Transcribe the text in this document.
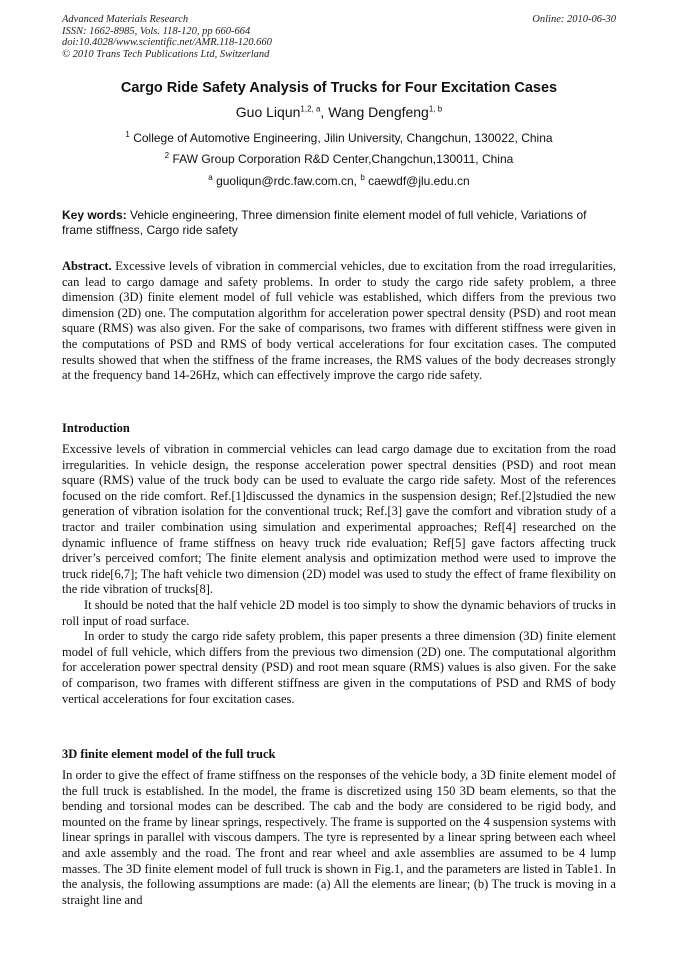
Advanced Materials Research
ISSN: 1662-8985, Vols. 118-120, pp 660-664
doi:10.4028/www.scientific.net/AMR.118-120.660
© 2010 Trans Tech Publications Ltd, Switzerland
Online: 2010-06-30
Cargo Ride Safety Analysis of Trucks for Four Excitation Cases
Guo Liqun$^{1,2, a}$, Wang Dengfeng$^{1, b}$
$^1$ College of Automotive Engineering, Jilin University, Changchun, 130022, China
$^2$ FAW Group Corporation R&D Center,Changchun,130011, China
$^a$ guoliqun@rdc.faw.com.cn, $^b$ caewdf@jlu.edu.cn
Key words: Vehicle engineering, Three dimension finite element model of full vehicle, Variations of frame stiffness, Cargo ride safety
Abstract. Excessive levels of vibration in commercial vehicles, due to excitation from the road irregularities, can lead to cargo damage and safety problems. In order to study the cargo ride safety problem, a three dimension (3D) finite element model of full vehicle was established, which differs from the previous two dimension (2D) one. The computation algorithm for acceleration power spectral density (PSD) and root mean square (RMS) was also given. For the sake of comparisons, two frames with different stiffness were given in the computations of PSD and RMS of body vertical accelerations for four excitation cases. The computed results showed that when the stiffness of the frame increases, the RMS values of the body decreases strongly at the frequency band 14-26Hz, which can effectively improve the cargo ride safety.
Introduction

Excessive levels of vibration in commercial vehicles can lead cargo damage due to excitation from the road irregularities. In vehicle design, the response acceleration power spectral densities (PSD) and root mean square (RMS) value of the truck body can be used to evaluate the cargo ride safety. Most of the references focused on the ride comfort. Ref.[1]discussed the dynamics in the suspension design; Ref.[2]studied the new generation of vibration isolation for the conventional truck; Ref.[3] gave the comfort and vibration study of a tractor and trailer combination using simulation and experimental approaches; Ref[4] researched on the dynamic influence of frame stiffness on heavy truck ride evaluation; Ref[5] gave factors affecting truck driver’s perceived comfort; The finite element analysis and optimization method were used to improve the truck ride[6,7]; The haft vehicle two dimension (2D) model was used to study the effect of frame flexibility on the ride vibration of trucks[8].

It should be noted that the half vehicle 2D model is too simply to show the dynamic behaviors of trucks in roll input of road surface.

In order to study the cargo ride safety problem, this paper presents a three dimension (3D) finite element model of full vehicle, which differs from the previous two dimension (2D) one. The computational algorithm for acceleration power spectral density (PSD) and root mean square (RMS) values is also given. For the sake of comparison, two frames with different stiffness are given in the computations of PSD and RMS of body vertical accelerations for four excitation cases.

3D finite element model of the full truck

In order to give the effect of frame stiffness on the responses of the vehicle body, a 3D finite element model of the full truck is established. In the model, the frame is discretized using 150 3D beam elements, so that the bending and torsional modes can be described. The cab and the body are considered to be rigid body, and mounted on the frame by linear springs, respectively. The frame is supported on the 4 suspension systems with linear springs in parallel with viscous dampers. The tyre is represented by a linear spring between each wheel and axle assembly and the road. The front and rear wheel and axle assemblies are assumed to be 4 lump masses. The 3D finite element model of full truck is shown in Fig.1, and the parameters are listed in Table1. In the analysis, the following assumptions are made: (a) All the elements are linear; (b) The truck is moving in a straight line and
